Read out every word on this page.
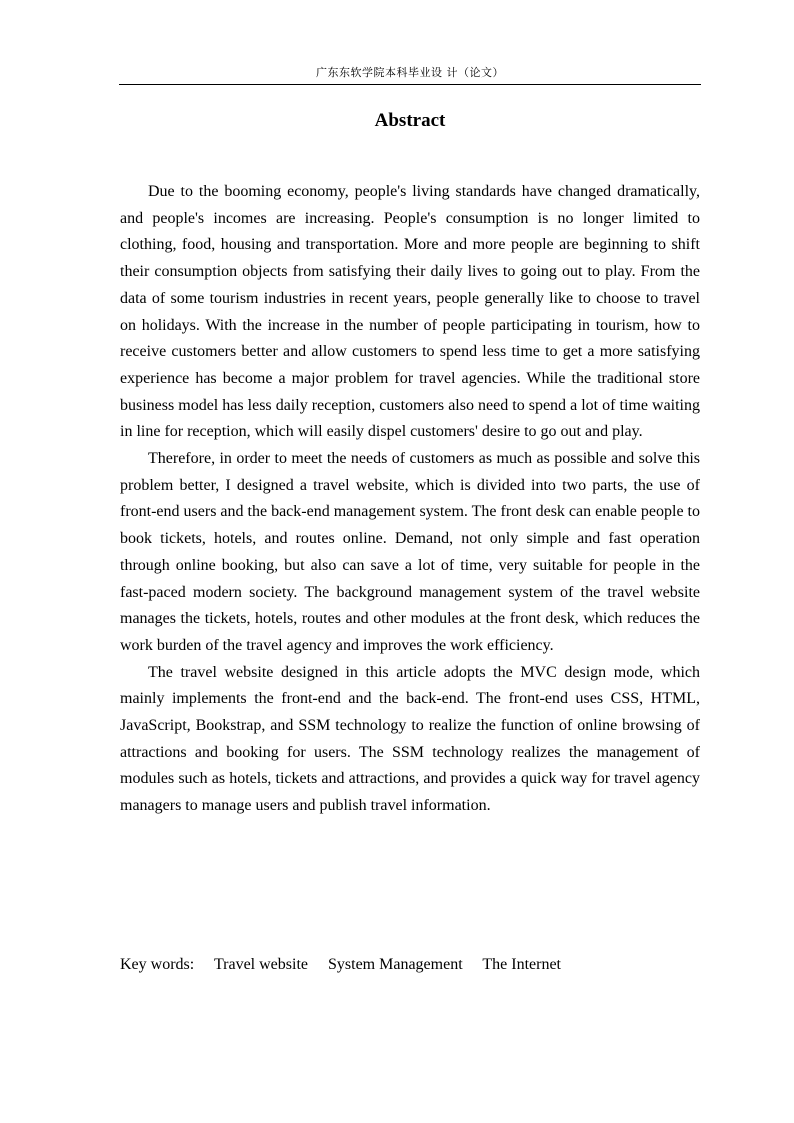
广东东软学院本科毕业设 计（论文）
Abstract

Due to the booming economy, people's living standards have changed dramatically, and people's incomes are increasing. People's consumption is no longer limited to clothing, food, housing and transportation. More and more people are beginning to shift their consumption objects from satisfying their daily lives to going out to play. From the data of some tourism industries in recent years, people generally like to choose to travel on holidays. With the increase in the number of people participating in tourism, how to receive customers better and allow customers to spend less time to get a more satisfying experience has become a major problem for travel agencies. While the traditional store business model has less daily reception, customers also need to spend a lot of time waiting in line for reception, which will easily dispel customers' desire to go out and play.

Therefore, in order to meet the needs of customers as much as possible and solve this problem better, I designed a travel website, which is divided into two parts, the use of front-end users and the back-end management system. The front desk can enable people to book tickets, hotels, and routes online. Demand, not only simple and fast operation through online booking, but also can save a lot of time, very suitable for people in the fast-paced modern society. The background management system of the travel website manages the tickets, hotels, routes and other modules at the front desk, which reduces the work burden of the travel agency and improves the work efficiency.

The travel website designed in this article adopts the MVC design mode, which mainly implements the front-end and the back-end. The front-end uses CSS, HTML, JavaScript, Bookstrap, and SSM technology to realize the function of online browsing of attractions and booking for users. The SSM technology realizes the management of modules such as hotels, tickets and attractions, and provides a quick way for travel agency managers to manage users and publish travel information.

Key words: Travel website System Management The Internet
